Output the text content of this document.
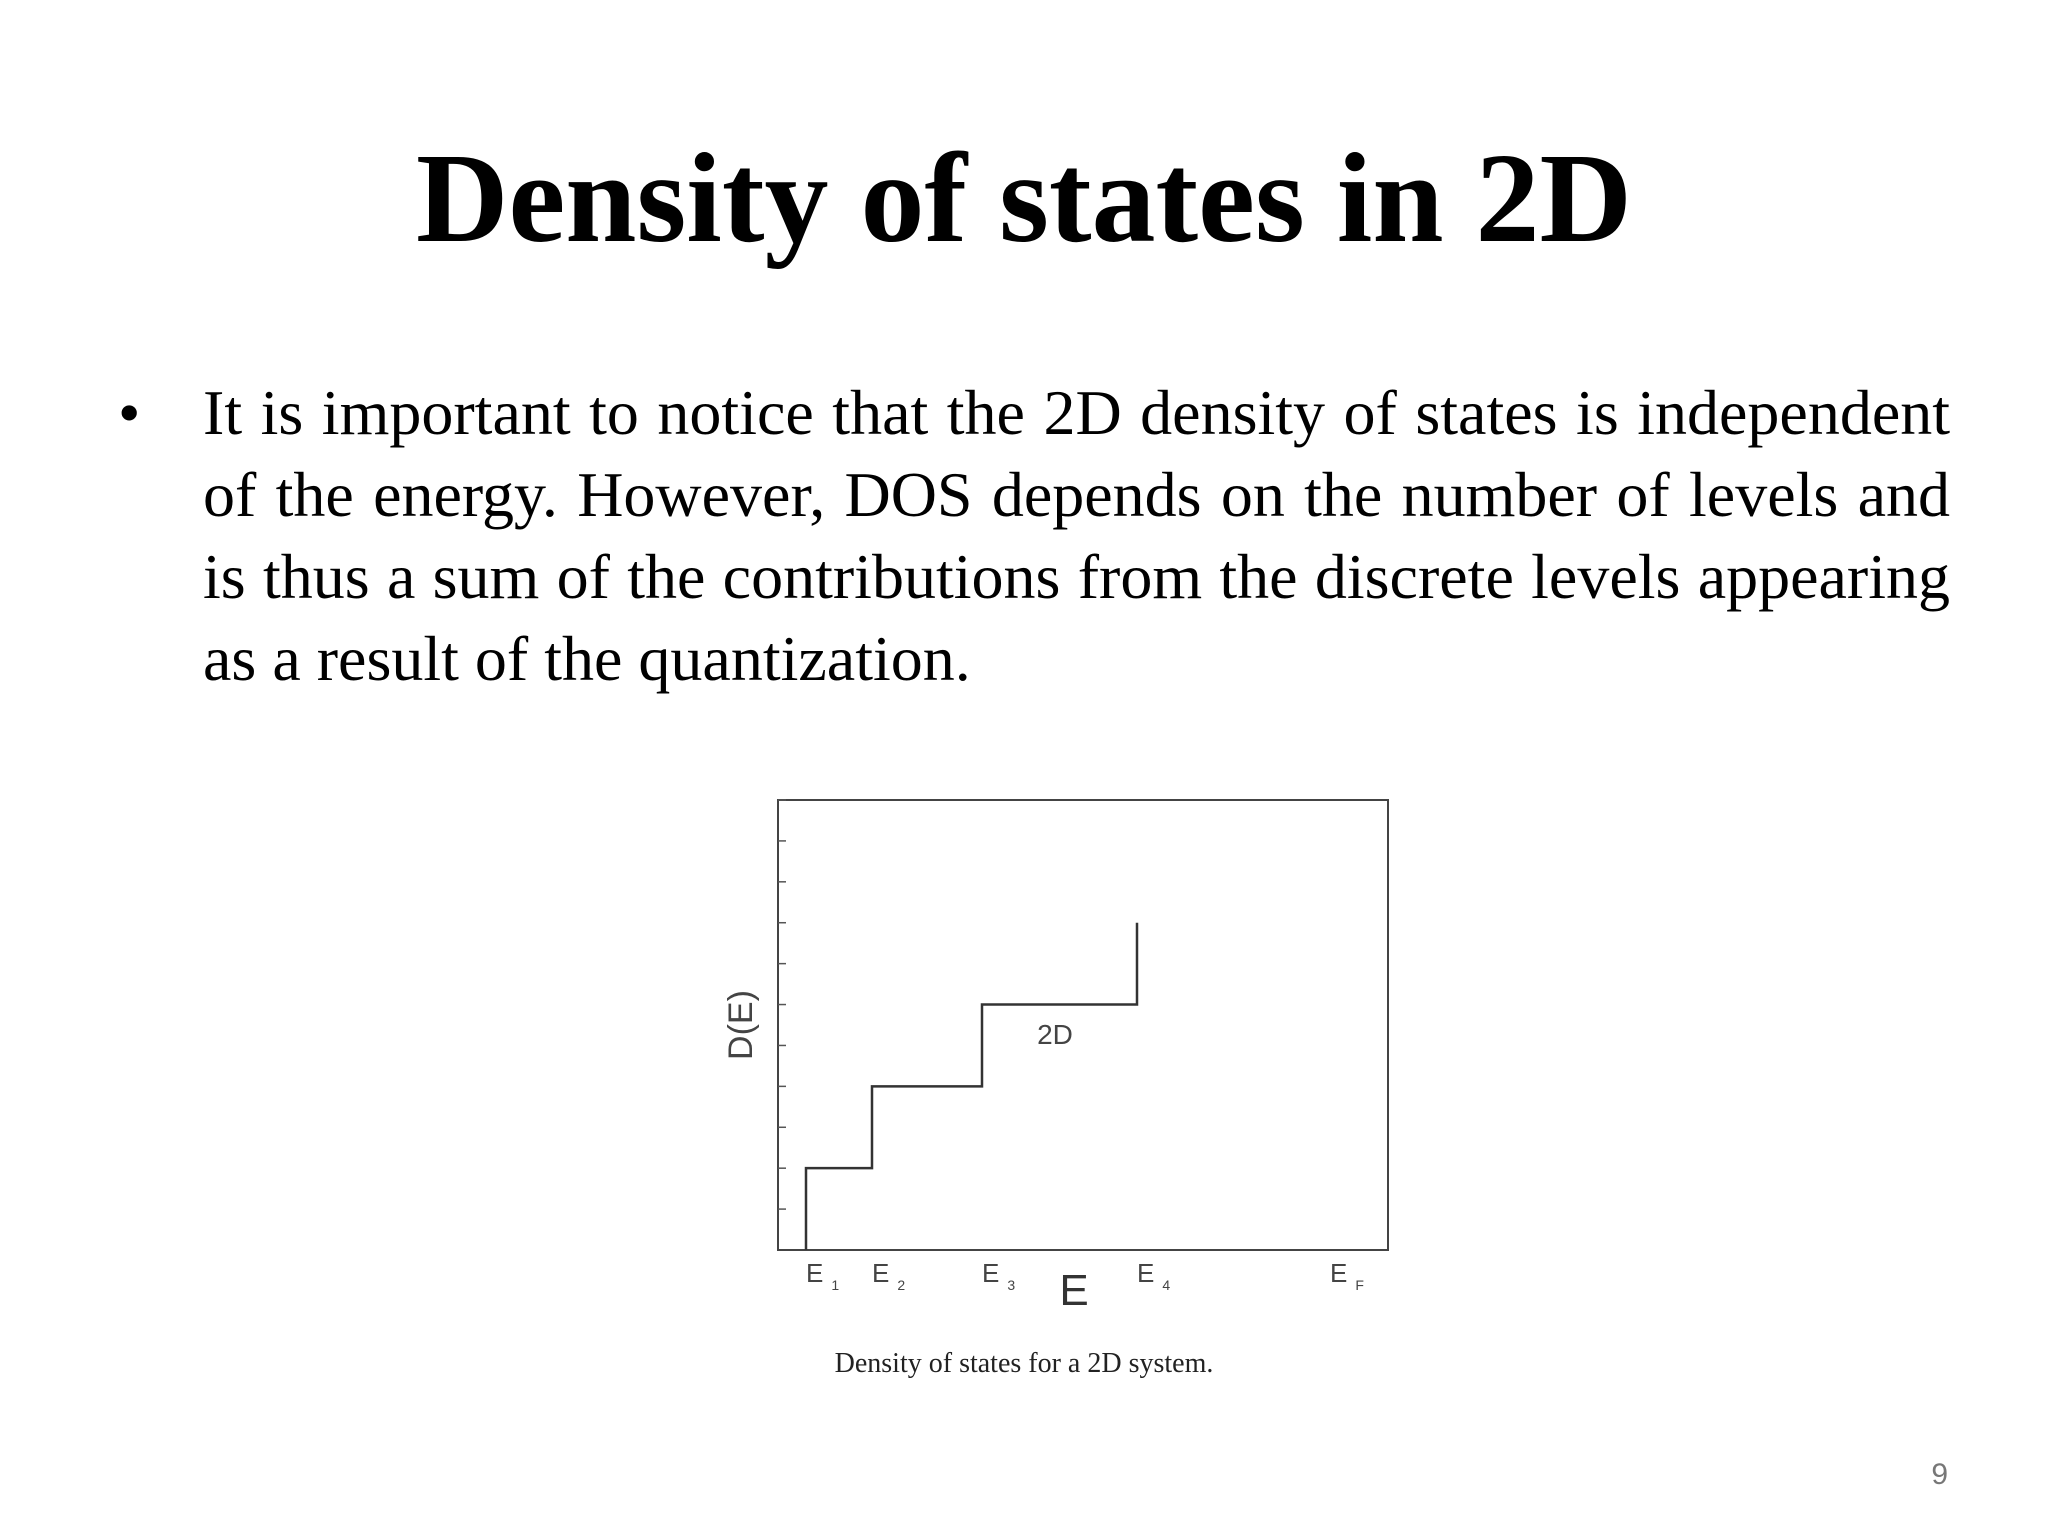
Density of states in 2D
• It is important to notice that the 2D density of states is independent of the energy. However, DOS depends on the number of levels and is thus a sum of the contributions from the discrete levels appearing as a result of the quantization.
E $_1$ E $_2$	E $_3$	E $_4$	E $_F$
E
D(E)	2D
Density of states for a 2D system.
9
